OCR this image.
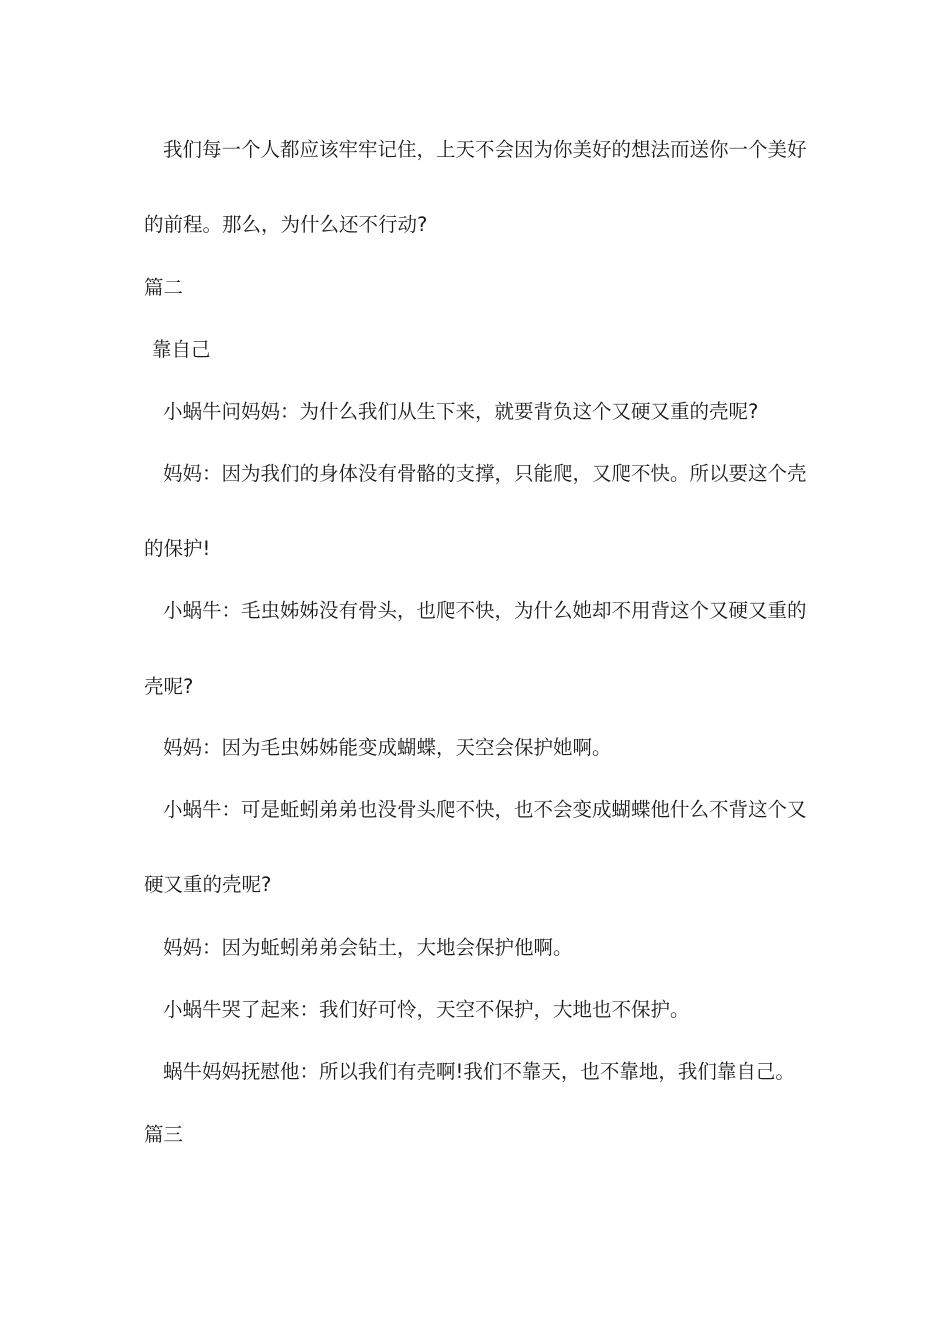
我们每一个人都应该牢牢记住，上天不会因为你美好的想法而送你一个美好
的前程。那么，为什么还不行动?
篇二
靠自己
小蜗牛问妈妈：为什么我们从生下来，就要背负这个又硬又重的壳呢?
妈妈：因为我们的身体没有骨骼的支撑，只能爬，又爬不快。所以要这个壳
的保护!
小蜗牛：毛虫姊姊没有骨头，也爬不快，为什么她却不用背这个又硬又重的
壳呢?
妈妈：因为毛虫姊姊能变成蝴蝶，天空会保护她啊。
小蜗牛：可是蚯蚓弟弟也没骨头爬不快，也不会变成蝴蝶他什么不背这个又
硬又重的壳呢?
妈妈：因为蚯蚓弟弟会钻土，大地会保护他啊。
小蜗牛哭了起来：我们好可怜，天空不保护，大地也不保护。
蜗牛妈妈抚慰他：所以我们有壳啊!我们不靠天，也不靠地，我们靠自己。
篇三
